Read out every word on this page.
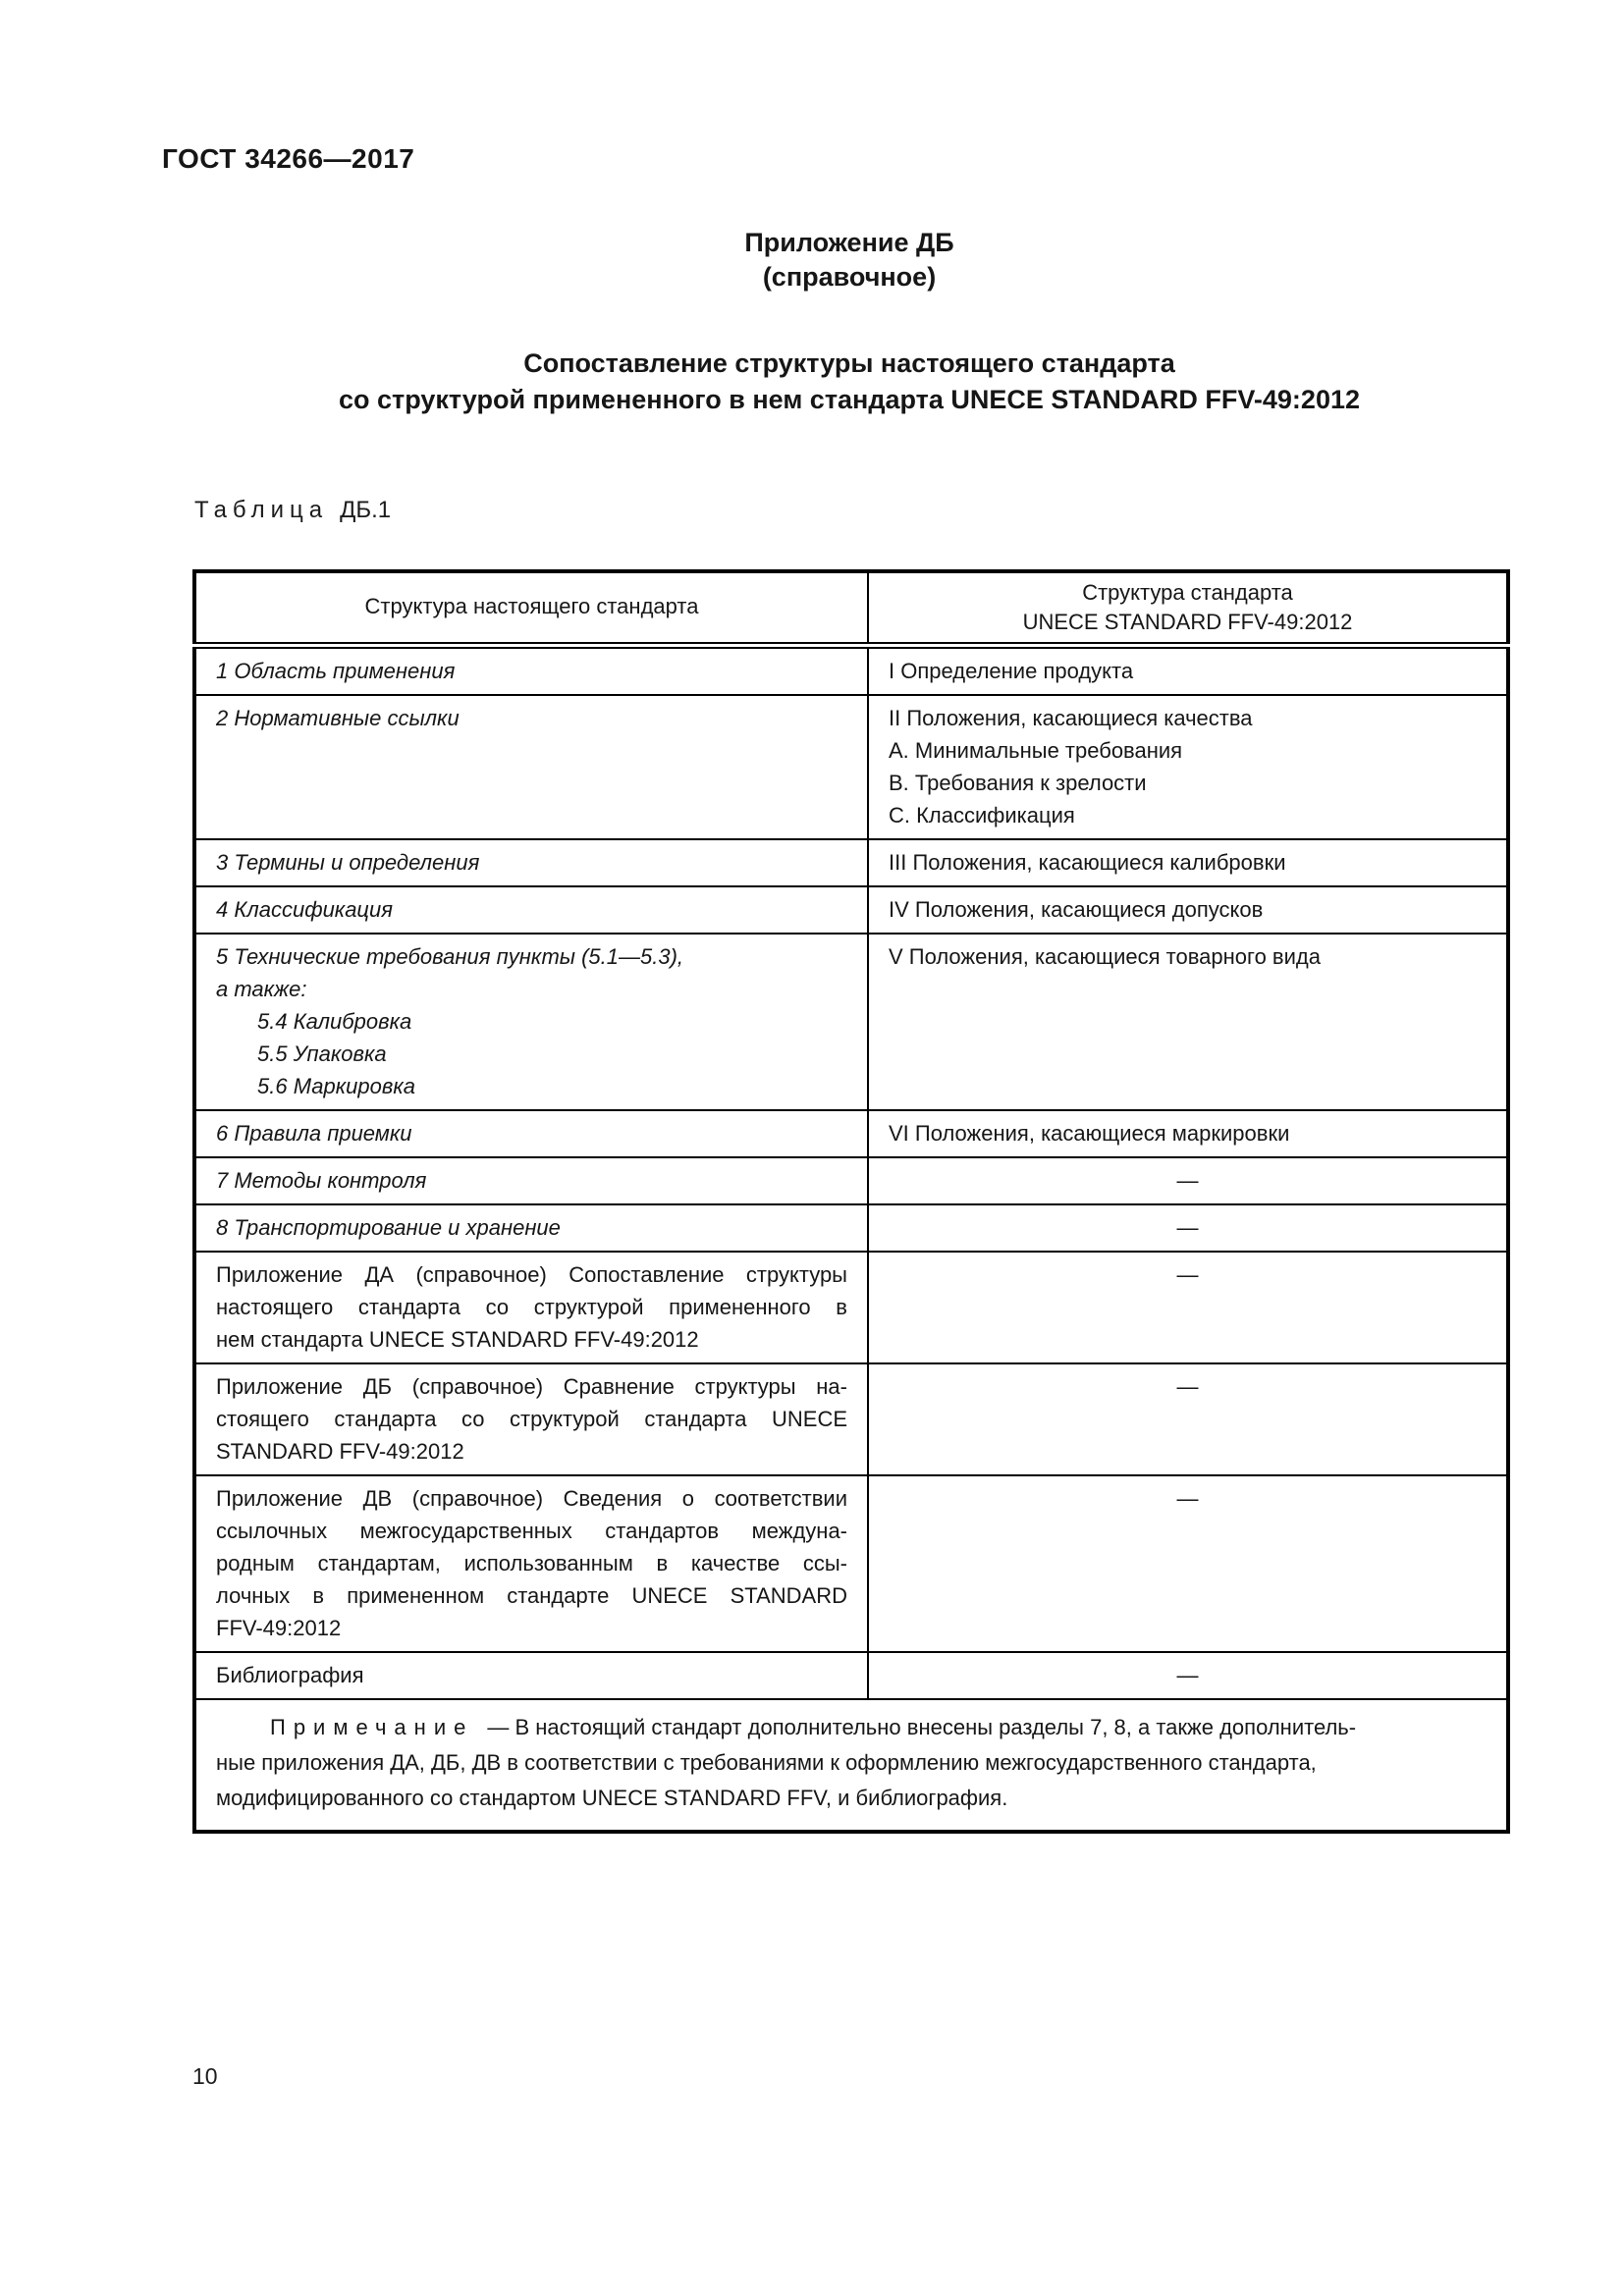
ГОСТ 34266—2017
Приложение ДБ
(справочное)
Сопоставление структуры настоящего стандарта
со структурой примененного в нем стандарта UNECE STANDARD FFV-49:2012
Таблица ДБ.1
Структура настоящего стандарта	Структура стандарта
UNECE STANDARD FFV-49:2012

1 Область применения	I Определение продукта

2 Нормативные ссылки	II Положения, касающиеся качества
А. Минимальные требования
В. Требования к зрелости
С. Классификация

3 Термины и определения	III Положения, касающиеся калибровки

4 Классификация	IV Положения, касающиеся допусков

5 Технические требования пункты (5.1—5.3),
а также:
5.4 Калибровка
5.5 Упаковка
5.6 Маркировка	V Положения, касающиеся товарного вида

6 Правила приемки	VI Положения, касающиеся маркировки

7 Методы контроля	—

8 Транспортирование и хранение	—

Приложение ДА (справочное) Сопоставление структуры
настоящего стандарта со структурой примененного в
нем стандарта UNECE STANDARD FFV-49:2012	—

Приложение ДБ (справочное) Сравнение структуры на-
стоящего стандарта со структурой стандарта UNECE
STANDARD FFV-49:2012	—

Приложение ДВ (справочное) Сведения о соответствии
ссылочных межгосударственных стандартов междуна-
родным стандартам, использованным в качестве ссы-
лочных в примененном стандарте UNECE STANDARD
FFV-49:2012	—

Библиография	—

Примечание — В настоящий стандарт дополнительно внесены разделы 7, 8, а также дополнитель-
ные приложения ДА, ДБ, ДВ в соответствии с требованиями к оформлению межгосударственного стандарта,
модифицированного со стандартом UNECE STANDARD FFV, и библиография.	
10
